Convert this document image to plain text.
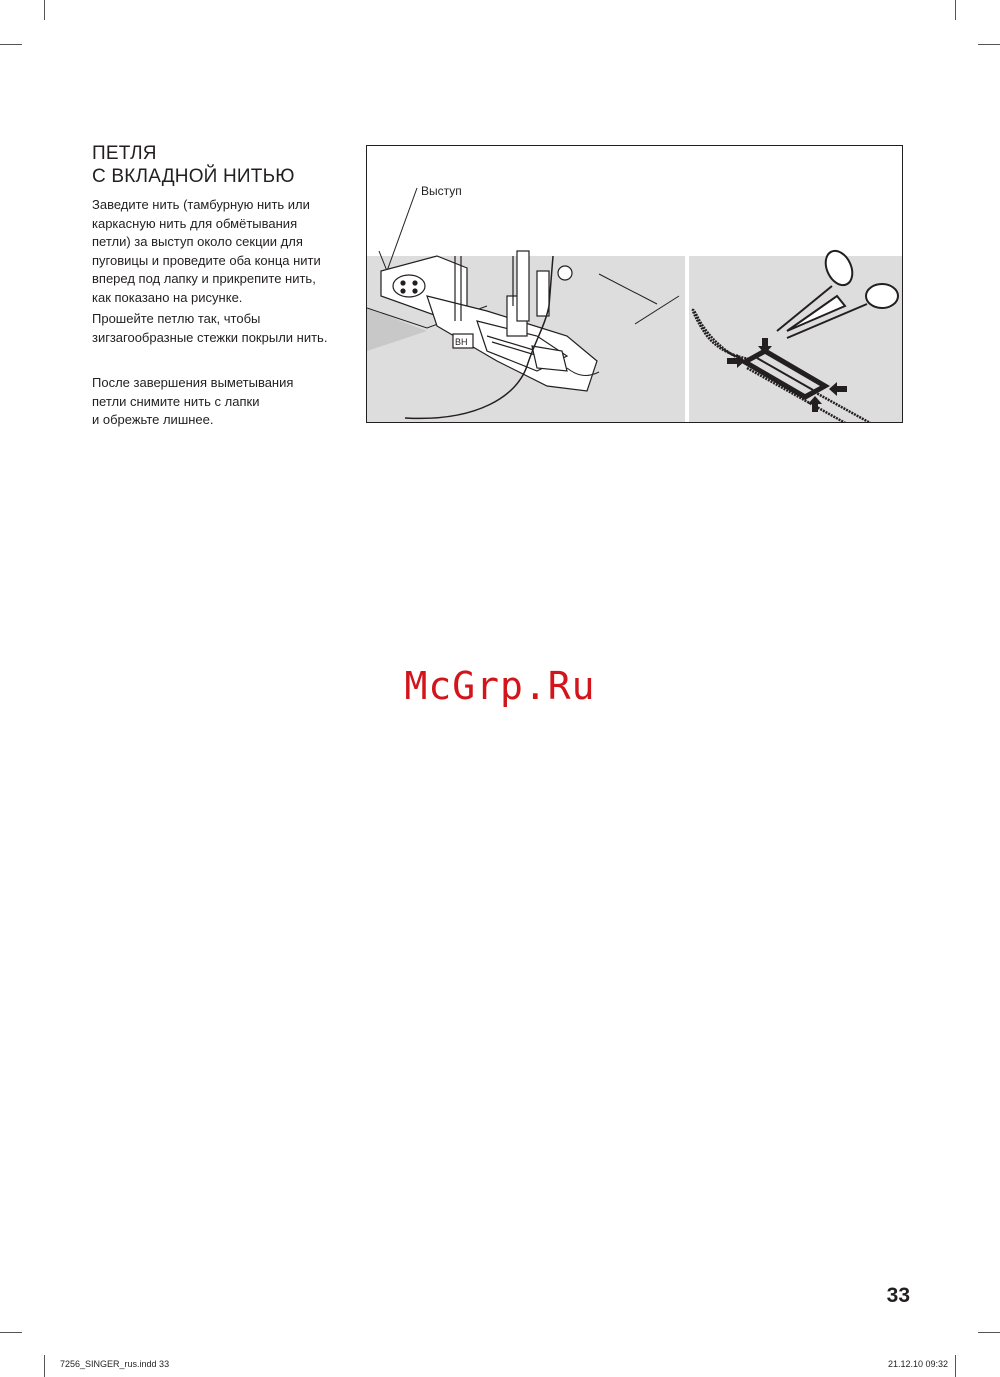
ПЕТЛЯ
С ВКЛАДНОЙ НИТЬЮ
Заведите нить (тамбурную нить или
каркасную нить для обмётывания
петли) за выступ около секции для
пуговицы и проведите оба конца нити
вперед под лапку и прикрепите нить,
как показано на рисунке.
Прошейте петлю так, чтобы
зигзагообразные стежки покрыли нить.
После завершения выметывания
петли снимите нить с лапки
и обрежьте лишнее.
BH
Выступ
McGrp.Ru
33
7256_SINGER_rus.indd 33	21.12.10 09:32
